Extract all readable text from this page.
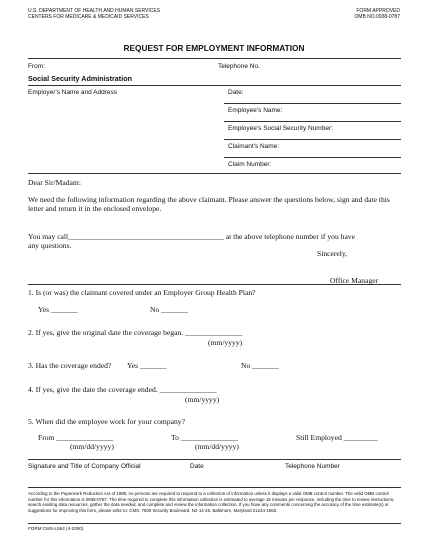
U.S. DEPARTMENT OF HEALTH AND HUMAN SERVICES
CENTERS FOR MEDICARE & MEDICAID SERVICES
FORM APPROVED
OMB NO.0938-0787
REQUEST FOR EMPLOYMENT INFORMATION
From:	Telephone No.
Social Security Administration
Employer's Name and Address	Date:
Employee's Name:
Employee's Social Security Number:
Claimant's Name:
Claim Number:
Dear Sir/Madam:
We need the following information regarding the above claimant. Please answer the questions below, sign and date this
letter and return it in the enclosed envelope.
You may call_________________________________________ at the above telephone number if you have
any questions.
Sincerely,
Office Manager
1. Is (or was) the claimant covered under an Employer Group Health Plan?
Yes _______	No _______
2. If yes, give the original date the coverage began. _______________
(mm/yyyy)
3. Has the coverage ended? Yes _______	No _______
4. If yes, give the date the coverage ended. _______________
(mm/yyyy)
5. When did the employee work for your company?
From _______________
(mm/dd/yyyy)
To _______________
(mm/dd/yyyy)
Still Employed _________
Signature and Title of Company Official	Date	Telephone Number
According to the Paperwork Reduction Act of 1995, no persons are required to respond to a collection of information unless it displays a valid OMB control number. The valid OMB control number for this information is 0938-0787. The time required to complete this information collection is estimated to average 15 minutes per response, including the time to review instructions, search existing data resources, gather the data needed, and complete and review the information collection. If you have any comments concerning the accuracy of the time estimate(s) or suggestions for improving this form, please write to: CMS, 7500 Security Boulevard, N2-14-26, Baltimore, Maryland 21244-1850.
FORM CMS-L564 (4-2000)
